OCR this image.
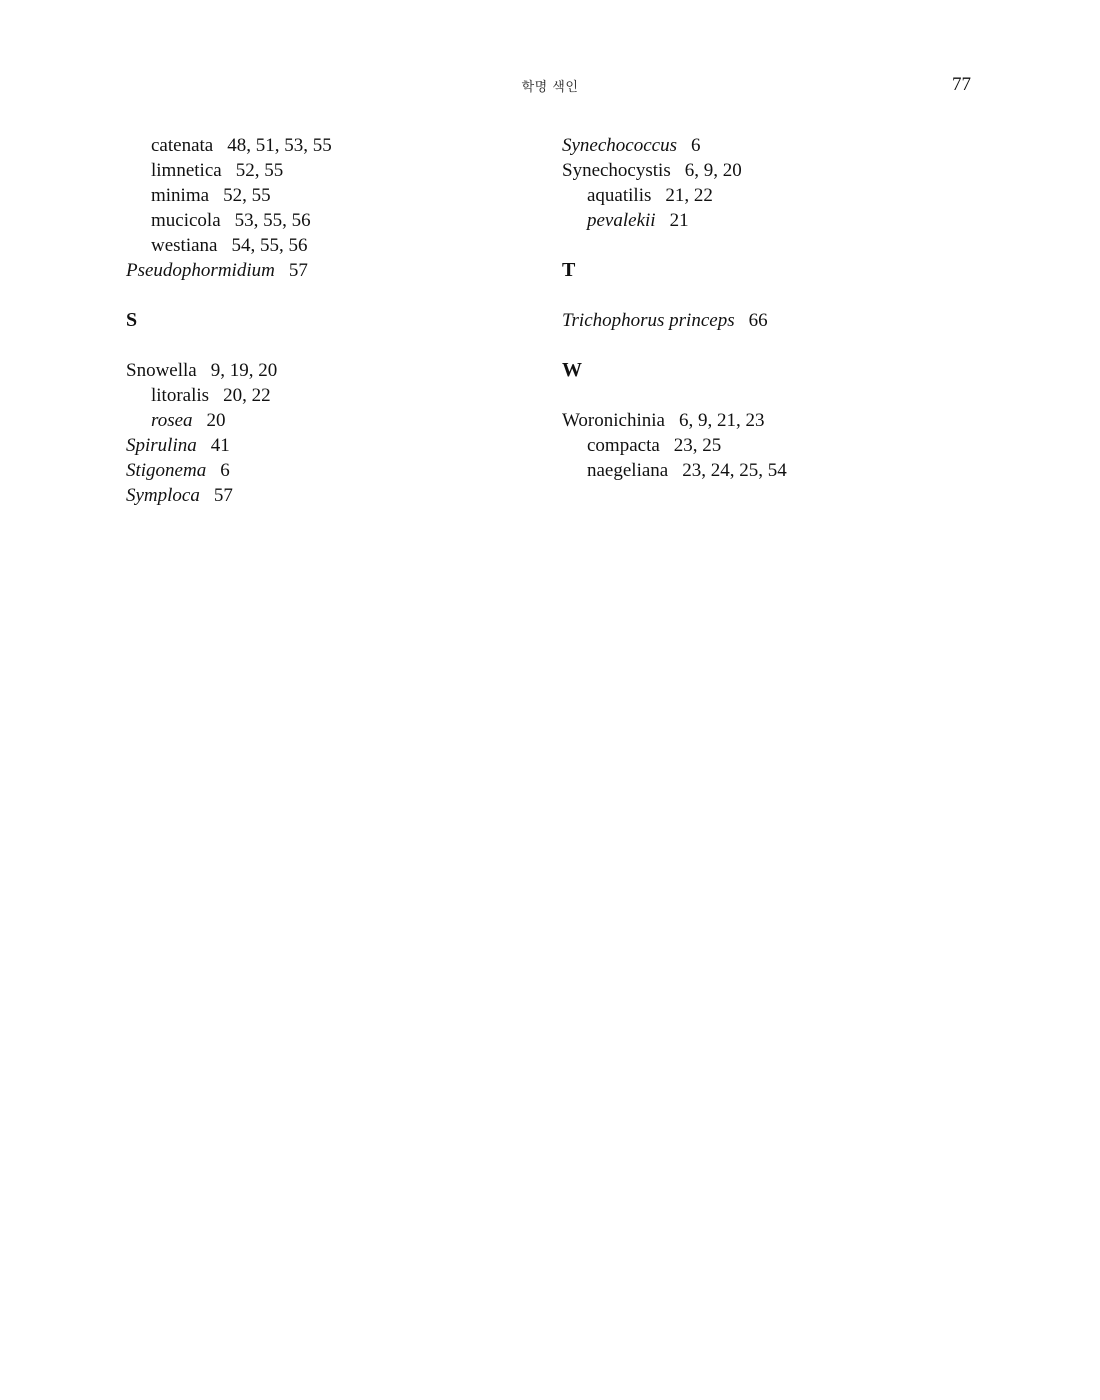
학명 색인	77
catenata 48, 51, 53, 55
limnetica 52, 55
minima 52, 55
mucicola 53, 55, 56
westiana 54, 55, 56
Pseudophormidium 57
S
Snowella 9, 19, 20
litoralis 20, 22
rosea 20
Spirulina 41
Stigonema 6
Symploca 57
Synechococcus 6
Synechocystis 6, 9, 20
aquatilis 21, 22
pevalekii 21
T
Trichophorus princeps 66
W
Woronichinia 6, 9, 21, 23
compacta 23, 25
naegeliana 23, 24, 25, 54
